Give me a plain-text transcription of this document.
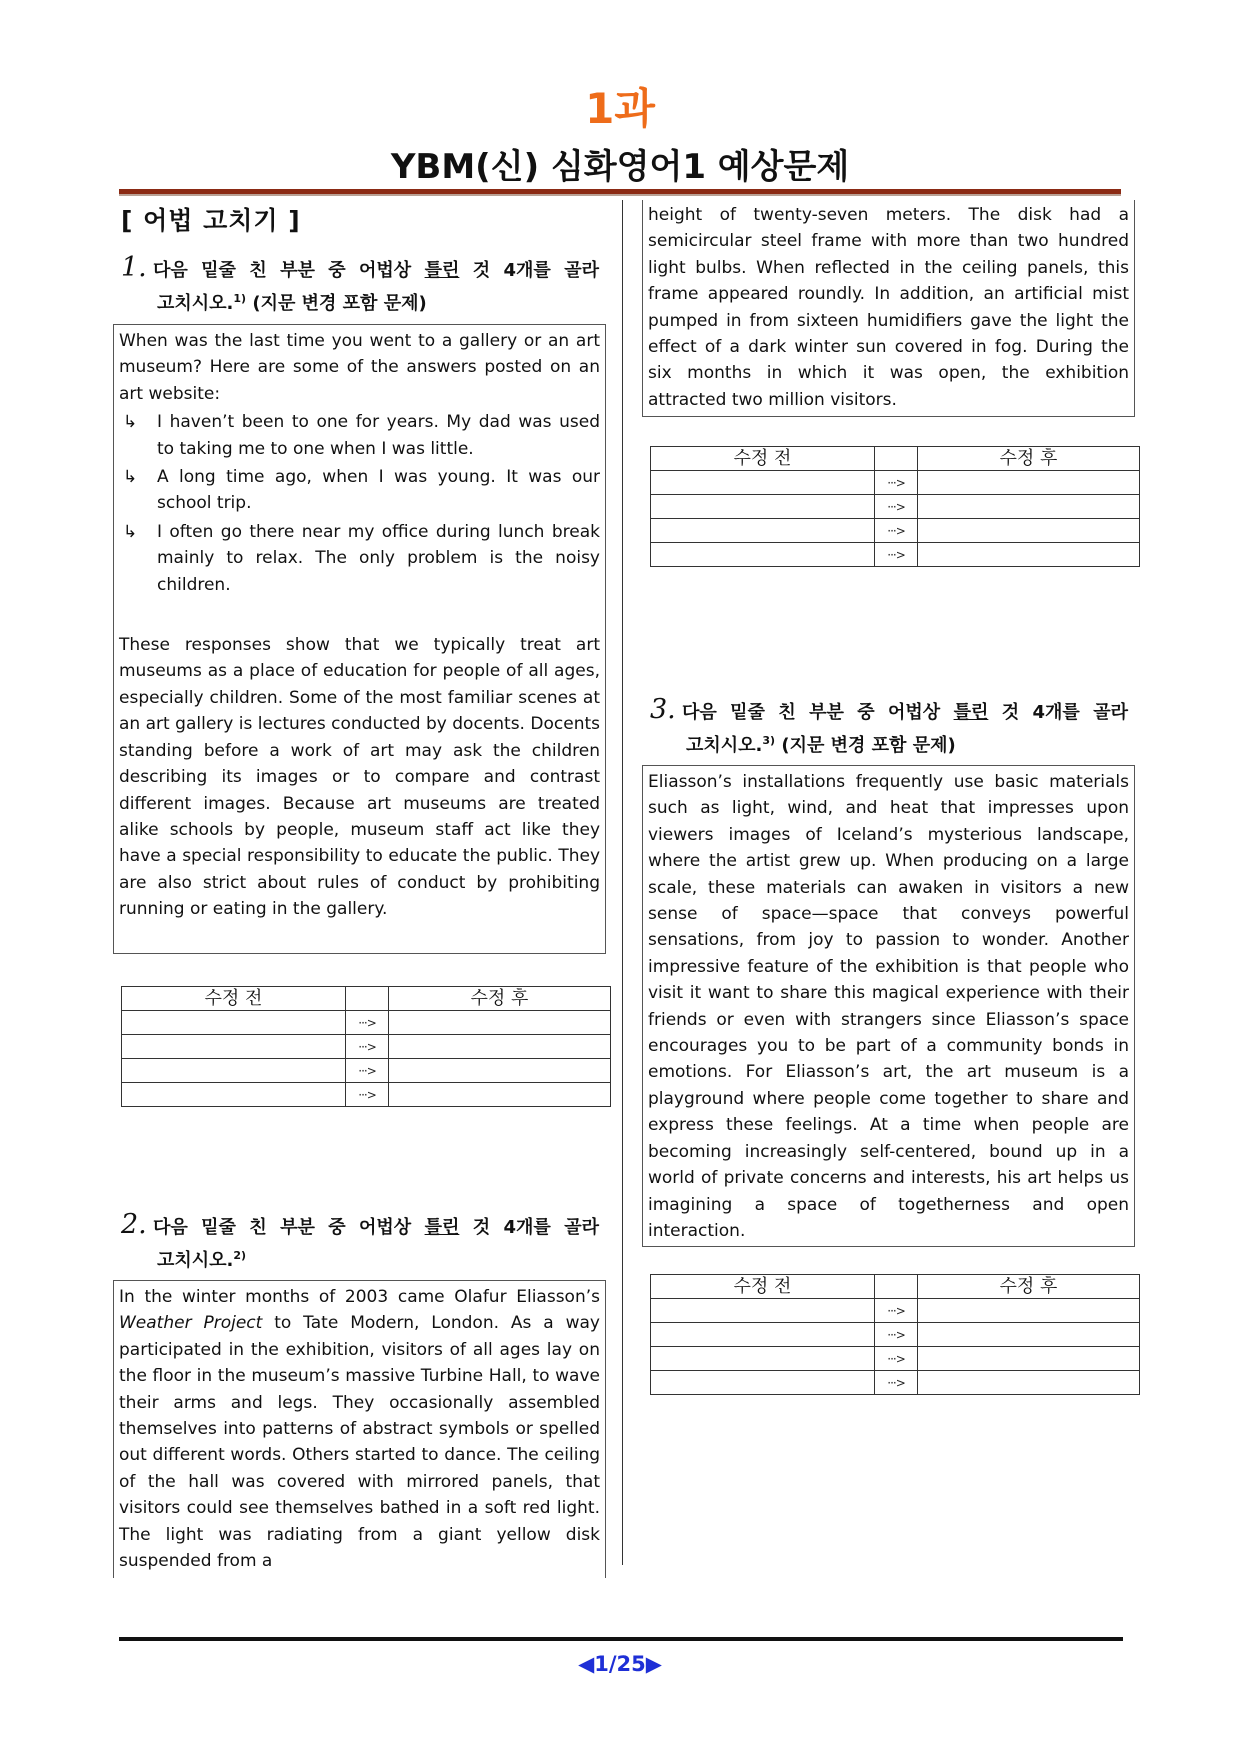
1과
YBM(신) 심화영어1 예상문제
[ 어법 고치기 ]
1. 다음 밑줄 친 부분 중 어법상 틀린 것 4개를 골라
고치시오.$^{1)}$ (지문 변경 포함 문제)

When was the last time you went to a gallery or an art museum? Here are some of the answers posted on an art website:

↳ I haven’t been to one for years. My dad was used to taking me to one when I was little.

↳ A long time ago, when I was young. It was our school trip.

↳ I often go there near my office during lunch break mainly to relax. The only problem is the noisy children.

These responses show that we typically treat art museums as a place of education for people of all ages, especially children. Some of the most familiar scenes at an art gallery is lectures conducted by docents. Docents standing before a work of art may ask the children describing its images or to compare and contrast different images. Because art museums are treated alike schools by people, museum staff act like they have a special responsibility to educate the public. They are also strict about rules of conduct by prohibiting running or eating in the gallery.

수정 전		수정 후
	···>	
	···>	
	···>	
	···>	
2. 다음 밑줄 친 부분 중 어법상 틀린 것 4개를 골라
고치시오.$^{2)}$

In the winter months of 2003 came Olafur Eliasson’s Weather Project to Tate Modern, London. As a way participated in the exhibition, visitors of all ages lay on the floor in the museum’s massive Turbine Hall, to wave their arms and legs. They occasionally assembled themselves into patterns of abstract symbols or spelled out different words. Others started to dance. The ceiling of the hall was covered with mirrored panels, that visitors could see themselves bathed in a soft red light. The light was radiating from a giant yellow disk suspended from a

height of twenty-seven meters. The disk had a semicircular steel frame with more than two hundred light bulbs. When reflected in the ceiling panels, this frame appeared roundly. In addition, an artificial mist pumped in from sixteen humidifiers gave the light the effect of a dark winter sun covered in fog. During the six months in which it was open, the exhibition attracted two million visitors.

수정 전		수정 후
	···>	
	···>	
	···>	
	···>	
3. 다음 밑줄 친 부분 중 어법상 틀린 것 4개를 골라
고치시오.$^{3)}$ (지문 변경 포함 문제)

Eliasson’s installations frequently use basic materials such as light, wind, and heat that impresses upon viewers images of Iceland’s mysterious landscape, where the artist grew up. When producing on a large scale, these materials can awaken in visitors a new sense of space—space that conveys powerful sensations, from joy to passion to wonder. Another impressive feature of the exhibition is that people who visit it want to share this magical experience with their friends or even with strangers since Eliasson’s space encourages you to be part of a community bonds in emotions. For Eliasson’s art, the art museum is a playground where people come together to share and express these feelings. At a time when people are becoming increasingly self-centered, bound up in a world of private concerns and interests, his art helps us imagining a space of togetherness and open interaction.

수정 전		수정 후
	···>	
	···>	
	···>	
	···>	
◀1/25▶
